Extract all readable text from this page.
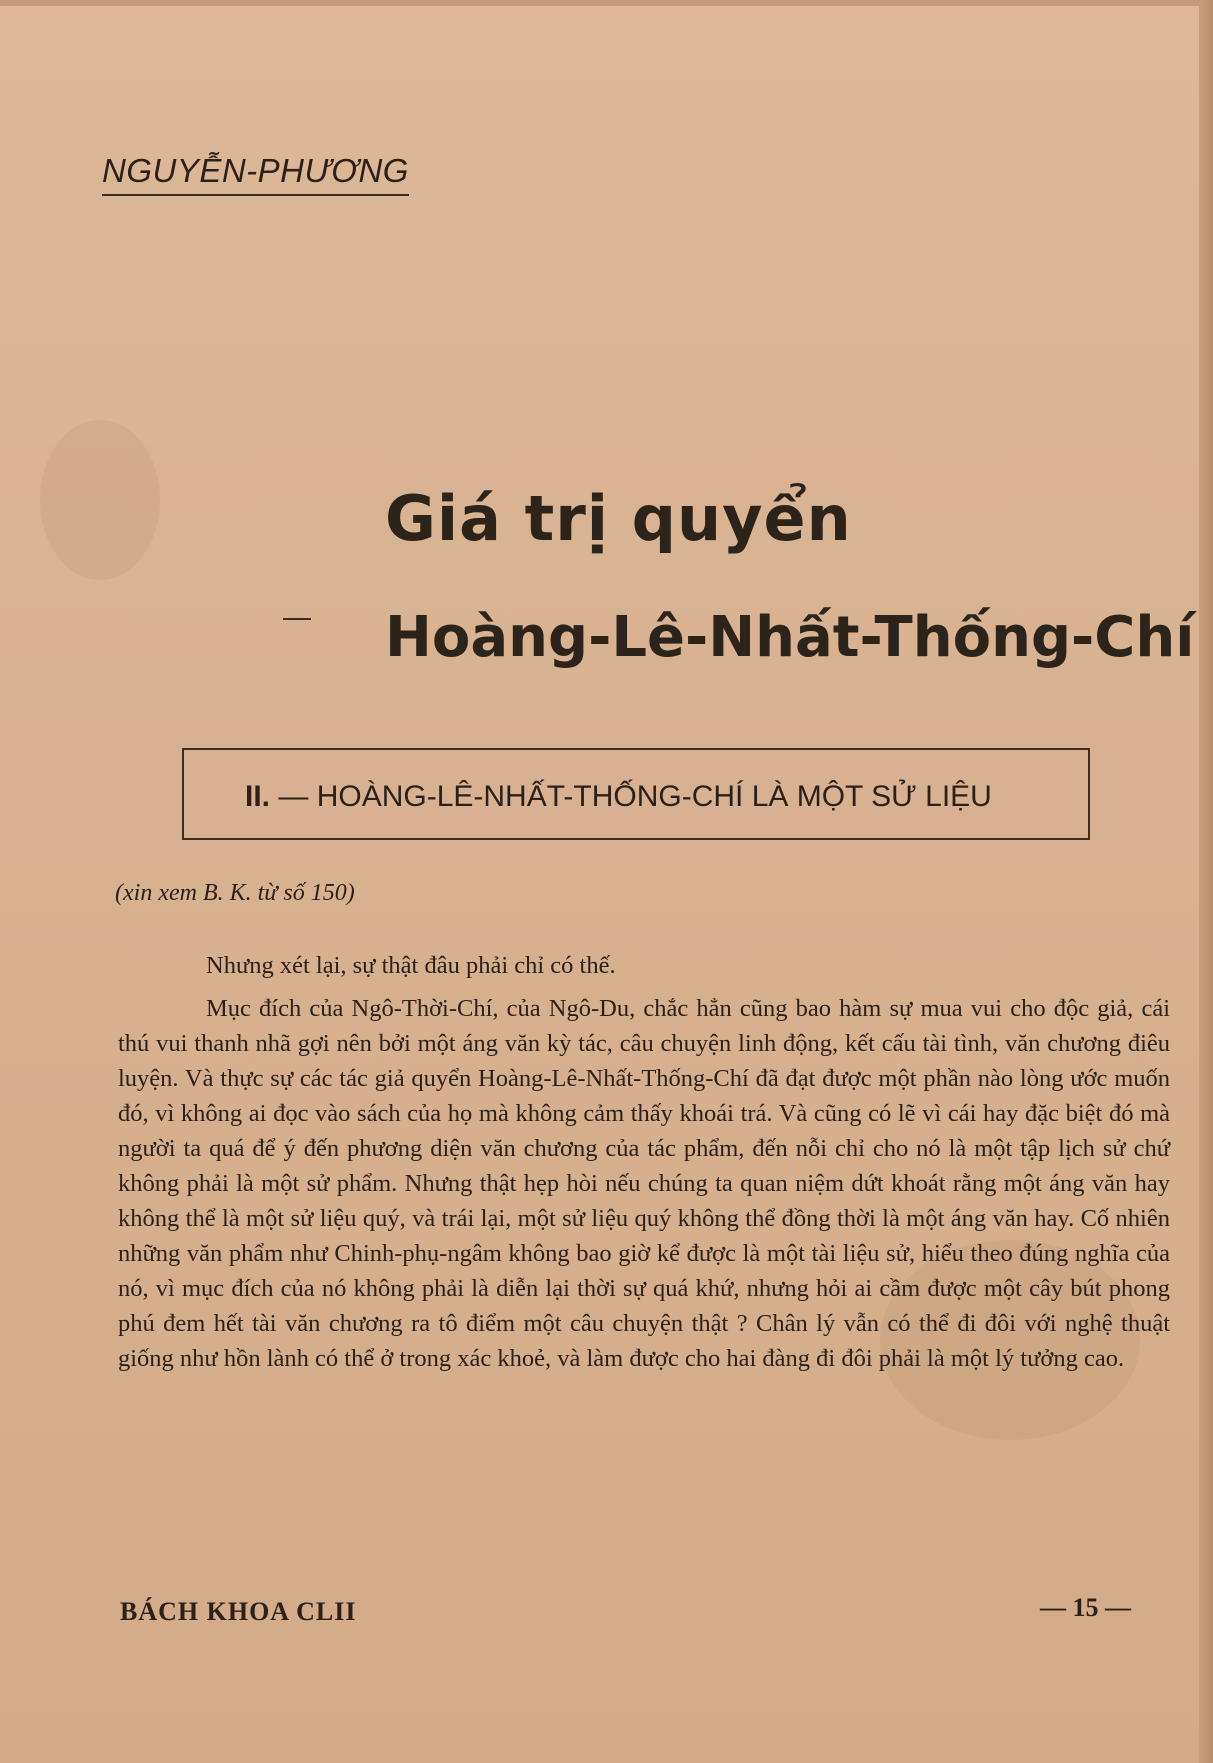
NGUYỄN-PHƯƠNG
Giá trị quyển
Hoàng-Lê-Nhất-Thống-Chí
II. — HOÀNG-LÊ-NHẤT-THỐNG-CHÍ LÀ MỘT SỬ LIỆU
(xin xem B. K. từ số 150)

Nhưng xét lại, sự thật đâu phải chỉ có thế.

Mục đích của Ngô-Thời-Chí, của Ngô-Du, chắc hẳn cũng bao hàm sự mua vui cho độc giả, cái thú vui thanh nhã gợi nên bởi một áng văn kỳ tác, câu chuyện linh động, kết cấu tài tình, văn chương điêu luyện. Và thực sự các tác giả quyển Hoàng-Lê-Nhất-Thống-Chí đã đạt được một phần nào lòng ước muốn đó, vì không ai đọc vào sách của họ mà không cảm thấy khoái trá. Và cũng có lẽ vì cái hay đặc biệt đó mà người ta quá để ý đến phương diện văn chương của tác phẩm, đến nỗi chỉ cho nó là một tập lịch sử chứ không phải là một sử phẩm. Nhưng thật hẹp hòi nếu chúng ta quan niệm dứt khoát rằng một áng văn hay không thể là một sử liệu quý, và trái lại, một sử liệu quý không thể đồng thời là một áng văn hay. Cố nhiên những văn phẩm như Chinh-phụ-ngâm không bao giờ kể được là một tài liệu sử, hiểu theo đúng nghĩa của nó, vì mục đích của nó không phải là diễn lại thời sự quá khứ, nhưng hỏi ai cầm được một cây bút phong phú đem hết tài văn chương ra tô điểm một câu chuyện thật ? Chân lý vẫn có thể đi đôi với nghệ thuật giống như hồn lành có thể ở trong xác khoẻ, và làm được cho hai đàng đi đôi phải là một lý tưởng cao.

BÁCH KHOA CLII	— 15 —
